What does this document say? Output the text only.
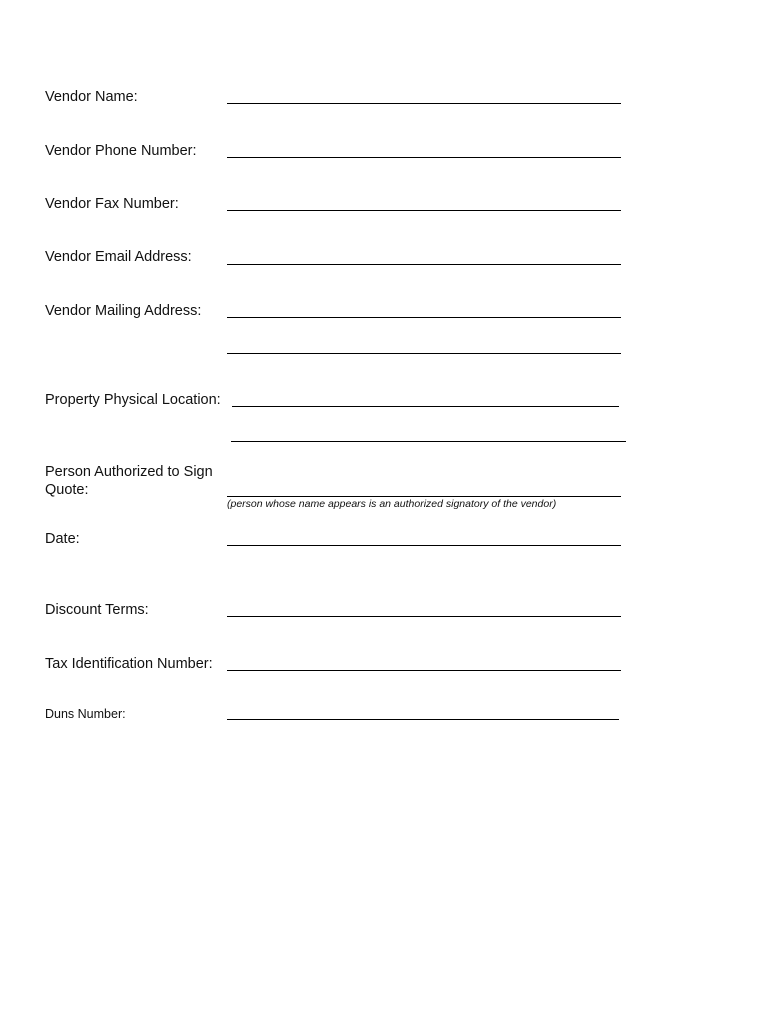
Vendor Name:
Vendor Phone Number:
Vendor Fax Number:
Vendor Email Address:
Vendor Mailing Address:
Property Physical Location:
Person Authorized to Sign
Quote:
(person whose name appears is an authorized signatory of the vendor)
Date:
Discount Terms:
Tax Identification Number:
Duns Number:
